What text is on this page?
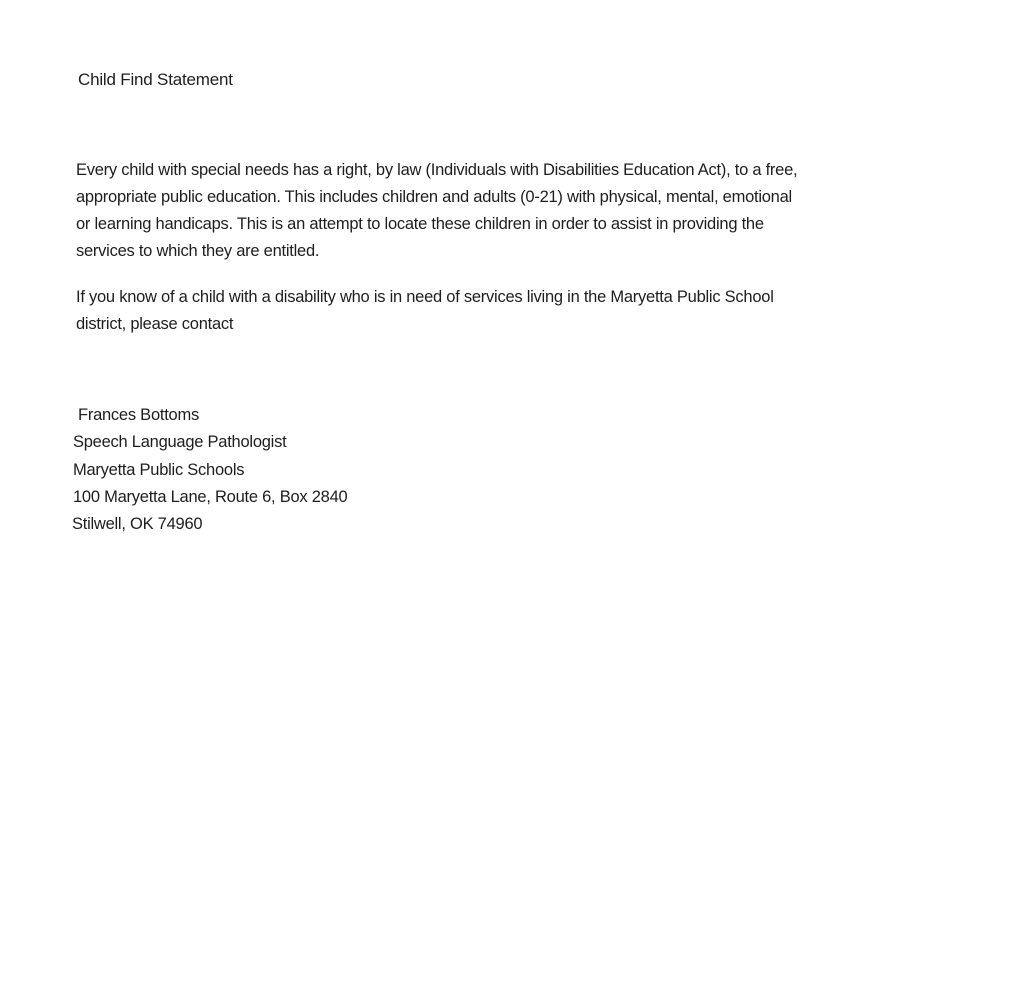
Child Find Statement
Every child with special needs has a right, by law (Individuals with Disabilities Education Act), to a free,
appropriate public education. This includes children and adults (0-21) with physical, mental, emotional
or learning handicaps. This is an attempt to locate these children in order to assist in providing the
services to which they are entitled.
If you know of a child with a disability who is in need of services living in the Maryetta Public School
district, please contact
Frances Bottoms
Speech Language Pathologist
Maryetta Public Schools
100 Maryetta Lane, Route 6, Box 2840
Stilwell, OK 74960
